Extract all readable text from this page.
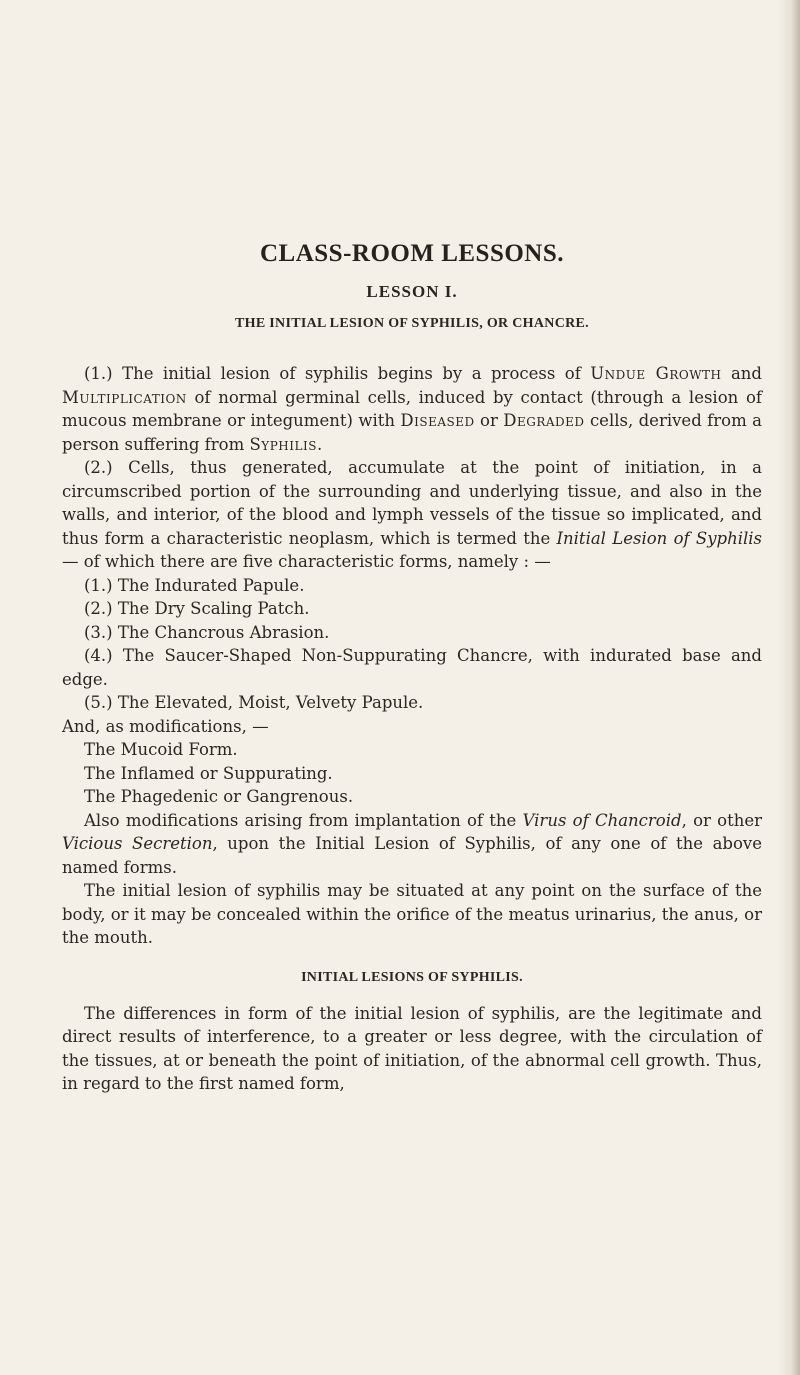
CLASS-ROOM LESSONS.
LESSON I.
THE INITIAL LESION OF SYPHILIS, OR CHANCRE.

(1.) The initial lesion of syphilis begins by a process of Undue Growth and Multiplication of normal germinal cells, induced by contact (through a lesion of mucous membrane or integument) with Diseased or Degraded cells, derived from a person suffering from Syphilis.

(2.) Cells, thus generated, accumulate at the point of initiation, in a circumscribed portion of the surrounding and underlying tissue, and also in the walls, and interior, of the blood and lymph vessels of the tissue so implicated, and thus form a characteristic neoplasm, which is termed the Initial Lesion of Syphilis — of which there are five characteristic forms, namely : —

(1.) The Indurated Papule.

(2.) The Dry Scaling Patch.

(3.) The Chancrous Abrasion.

(4.) The Saucer-Shaped Non-Suppurating Chancre, with indurated base and edge.

(5.) The Elevated, Moist, Velvety Papule.

And, as modifications, —

The Mucoid Form.

The Inflamed or Suppurating.

The Phagedenic or Gangrenous.

Also modifications arising from implantation of the Virus of Chancroid, or other Vicious Secretion, upon the Initial Lesion of Syphilis, of any one of the above named forms.

The initial lesion of syphilis may be situated at any point on the surface of the body, or it may be concealed within the orifice of the meatus urinarius, the anus, or the mouth.

INITIAL LESIONS OF SYPHILIS.

The differences in form of the initial lesion of syphilis, are the legitimate and direct results of interference, to a greater or less degree, with the circulation of the tissues, at or beneath the point of initiation, of the abnormal cell growth. Thus, in regard to the first named form,
